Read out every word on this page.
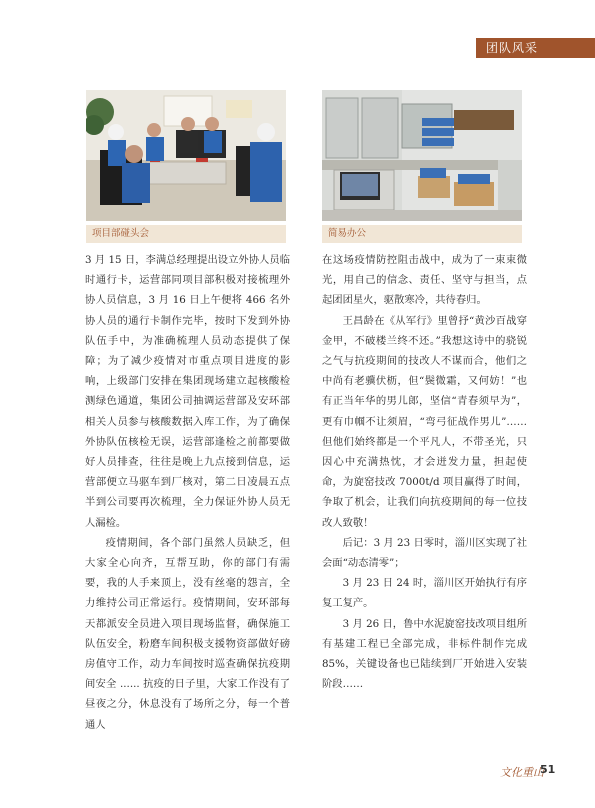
团队风采
项目部碰头会	简易办公

3 月 15 日，李满总经理提出设立外协人员临时通行卡，运营部同项目部积极对接梳理外协人员信息，3 月 16 日上午便将 466 名外协人员的通行卡制作完毕，按时下发到外协队伍手中，为准确梳理人员动态提供了保障；为了减少疫情对市重点项目进度的影响，上级部门安排在集团现场建立起核酸检测绿色通道，集团公司抽调运营部及安环部相关人员参与核酸数据入库工作，为了确保外协队伍核检无误，运营部逢检之前都要做好人员排查，往往是晚上九点接到信息，运营部便立马驱车到厂核对，第二日凌晨五点半到公司要再次梳理，全力保证外协人员无人漏检。

疫情期间，各个部门虽然人员缺乏，但大家全心向齐，互帮互助，你的部门有需要，我的人手来顶上，没有丝毫的怨言，全力维持公司正常运行。疫情期间，安环部每天都派安全员进入项目现场监督，确保施工队伍安全，粉磨车间积极支援物资部做好磅房值守工作，动力车间按时巡查确保抗疫期间安全 ...... 抗疫的日子里，大家工作没有了昼夜之分，休息没有了场所之分，每一个普通人

在这场疫情防控阻击战中，成为了一束束微光，用自己的信念、责任、坚守与担当，点起团团星火，驱散寒冷，共待春归。

王昌龄在《从军行》里曾抒“黄沙百战穿金甲，不破楼兰终不还。”我想这诗中的骁锐之气与抗疫期间的技改人不谋而合，他们之中尚有老骥伏枥，但“鬓微霜，又何妨！”也有正当年华的男儿郎，坚信“青春须早为”，更有巾帼不让须眉，“弯弓征战作男儿”……但他们始终都是一个平凡人，不带圣光，只因心中充满热忱，才会迸发力量，担起使命，为旋窑技改 7000t/d 项目赢得了时间，争取了机会，让我们向抗疫期间的每一位技改人致敬！

后记：3 月 23 日零时，淄川区实现了社会面“动态清零”；

3 月 23 日 24 时，淄川区开始执行有序复工复产。

3 月 26 日，鲁中水泥旋窑技改项目组所有基建工程已全部完成，非标件制作完成 85%，关键设备也已陆续到厂开始进入安装阶段……

文化重山
51
